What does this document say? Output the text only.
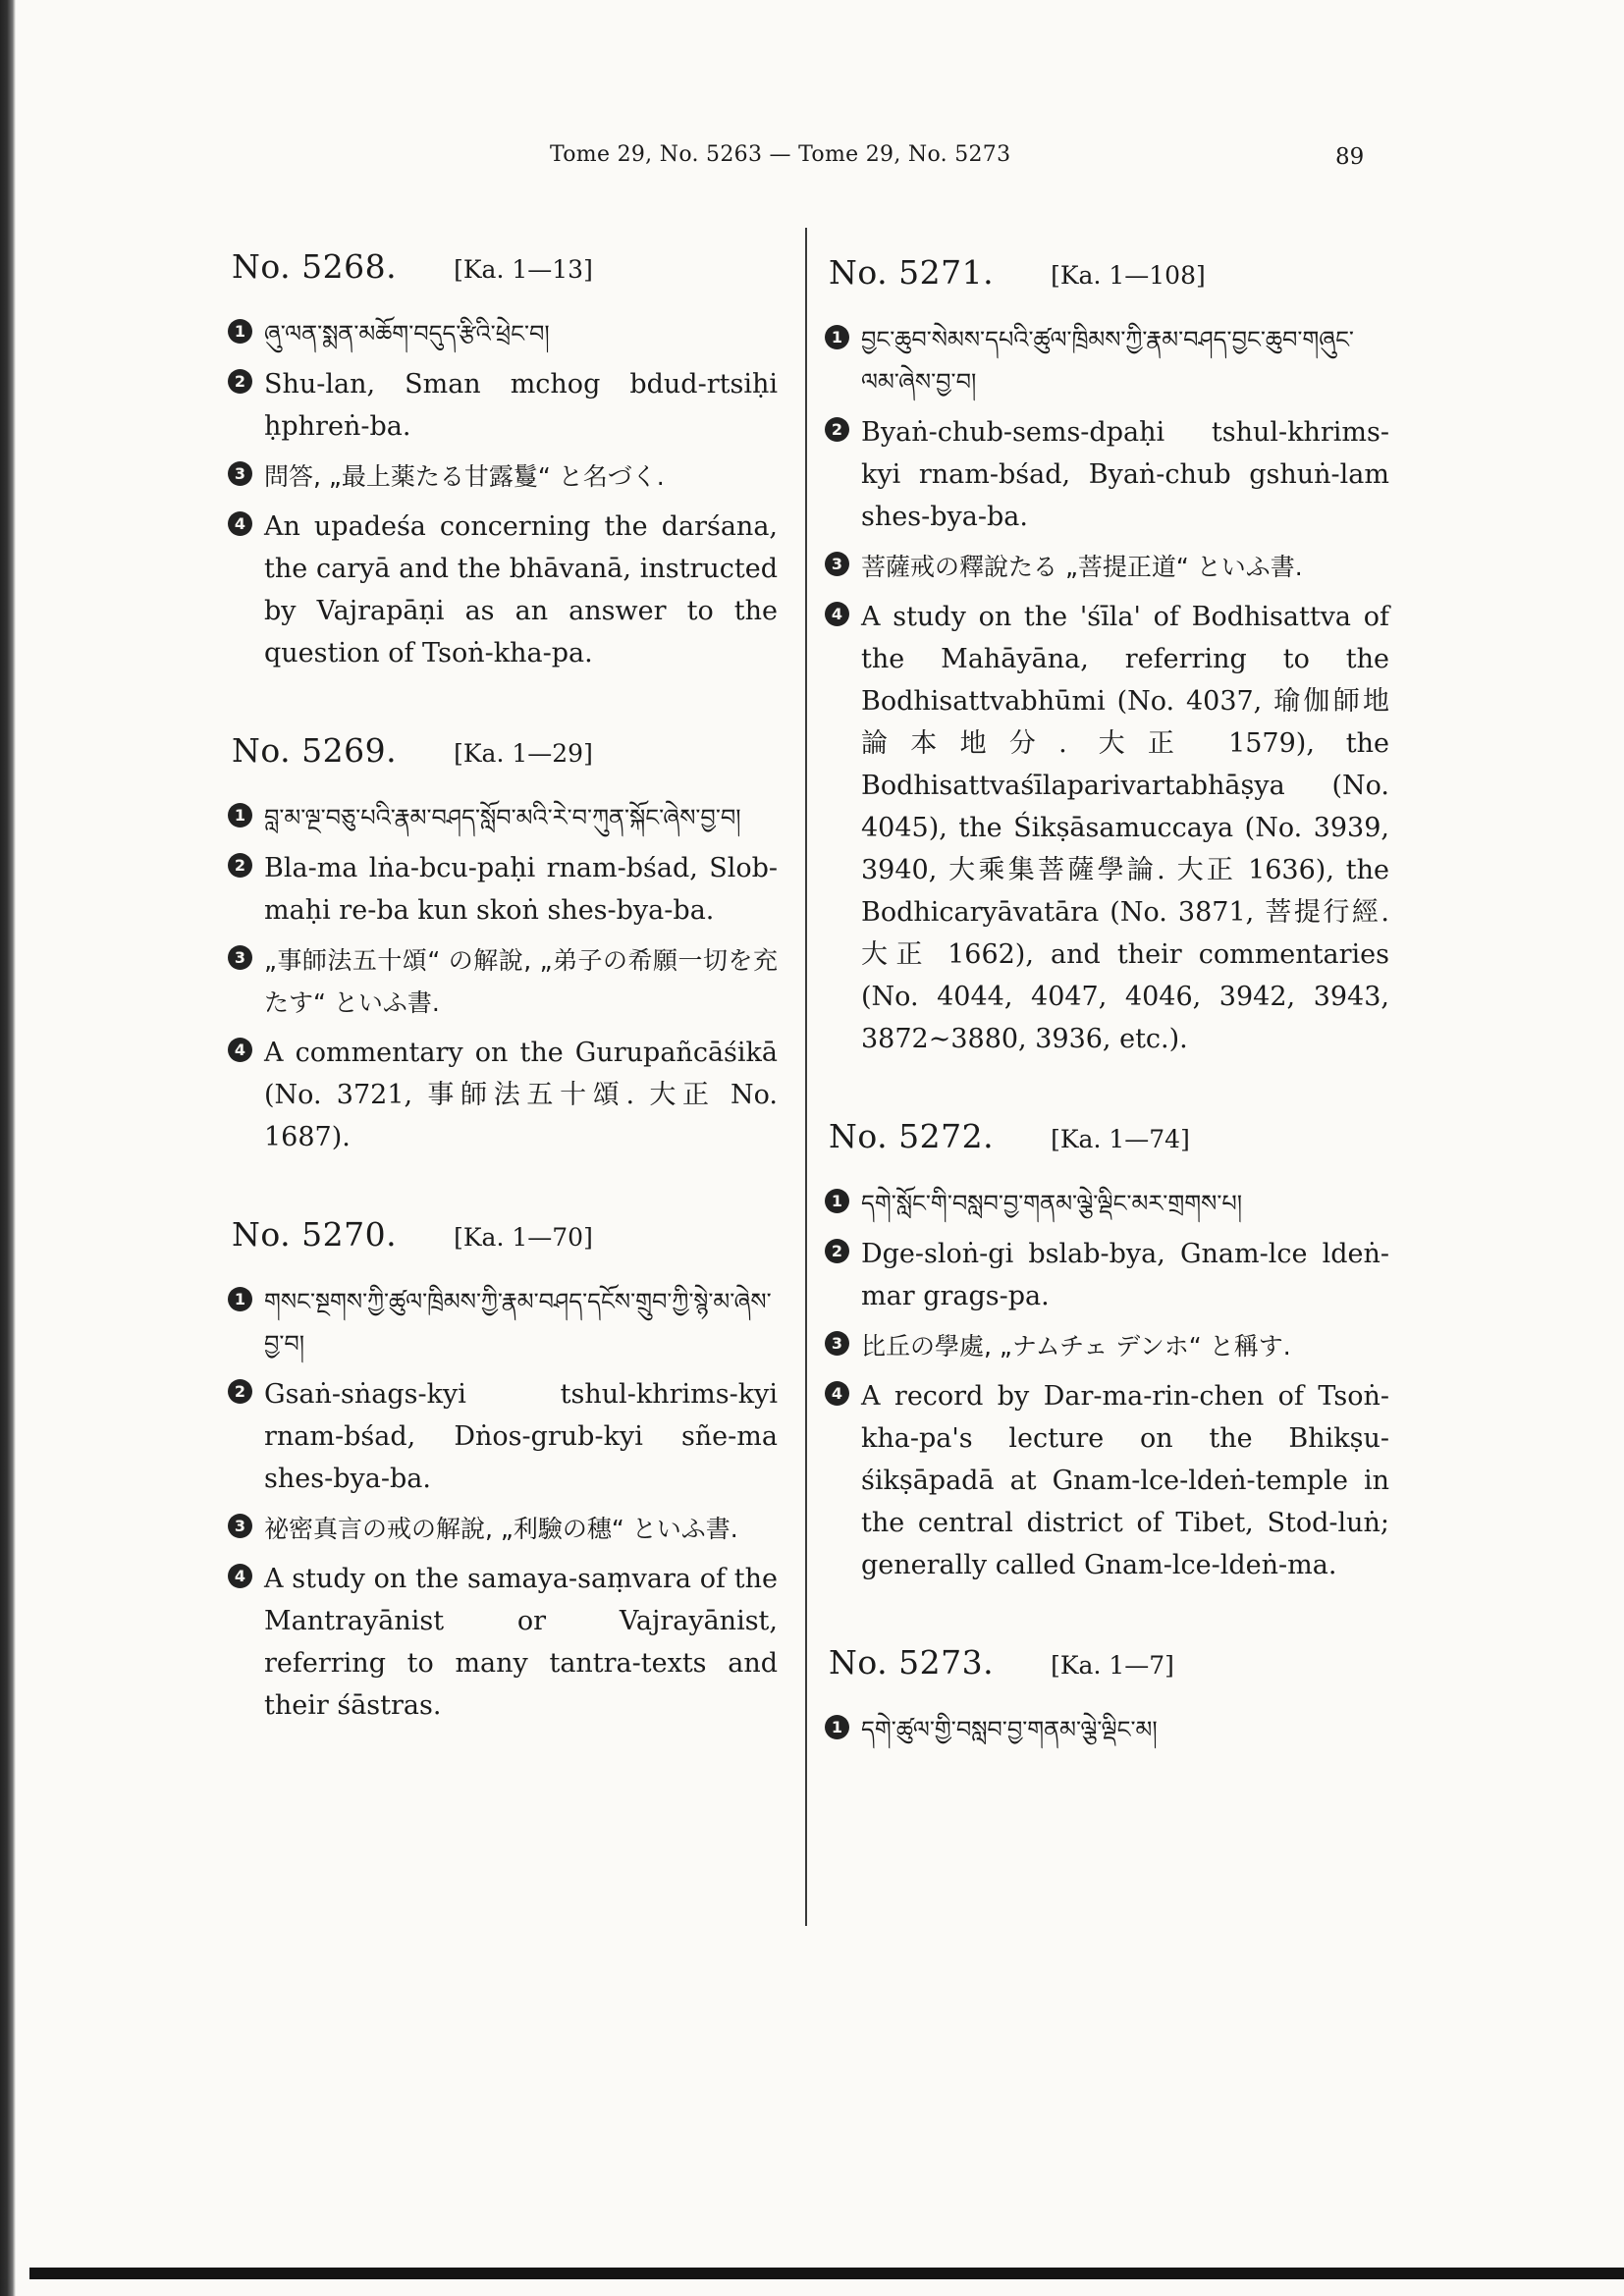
Tome 29, No. 5263 — Tome 29, No. 5273	89
No. 5268. [Ka. 1—13]
1 ཞུ་ལན་སྨན་མཆོག་བདུད་རྩིའི་ཕྲེང་བ།
2 Shu-lan, Sman mchog bdud-rtsiḥi ḥphreṅ-ba.
3 問答, „最上薬たる甘露鬘“ と名づく.
4 An upadeśa concerning the darśana, the caryā and the bhāvanā, instructed by Vajrapāṇi as an answer to the question of Tsoṅ-kha-pa.
No. 5269. [Ka. 1—29]
1 བླ་མ་ལྔ་བཅུ་པའི་རྣམ་བཤད་སློབ་མའི་རེ་བ་ཀུན་སྐོང་ཞེས་བྱ་བ།
2 Bla-ma lṅa-bcu-paḥi rnam-bśad, Slob-maḥi re-ba kun skoṅ shes-bya-ba.
3 „事師法五十頌“ の解說, „弟子の希願一切を充たす“ といふ書.
4 A commentary on the Gurupañcāśikā (No. 3721, 事師法五十頌. 大正 No. 1687).
No. 5270. [Ka. 1—70]
1 གསང་སྔགས་ཀྱི་ཚུལ་ཁྲིམས་ཀྱི་རྣམ་བཤད་དངོས་གྲུབ་ཀྱི་སྙེ་མ་ཞེས་བྱ་བ།
2 Gsaṅ-sṅags-kyi tshul-khrims-kyi rnam-bśad, Dṅos-grub-kyi sñe-ma shes-bya-ba.
3 祕密真言の戒の解說, „利驗の穗“ といふ書.
4 A study on the samaya-saṃvara of the Mantrayānist or Vajrayānist, referring to many tantra-texts and their śāstras.
No. 5271. [Ka. 1—108]
1 བྱང་ཆུབ་སེམས་དཔའི་ཚུལ་ཁྲིམས་ཀྱི་རྣམ་བཤད་བྱང་ཆུབ་གཞུང་ལམ་ཞེས་བྱ་བ།
2 Byaṅ-chub-sems-dpaḥi tshul-khrims-kyi rnam-bśad, Byaṅ-chub gshuṅ-lam shes-bya-ba.
3 菩薩戒の釋說たる „菩提正道“ といふ書.
4 A study on the 'śīla' of Bodhisattva of the Mahāyāna, referring to the Bodhisattvabhūmi (No. 4037, 瑜伽師地論本地分. 大正 1579), the Bodhisattvaśīlaparivartabhāṣya (No. 4045), the Śikṣāsamuccaya (No. 3939, 3940, 大乘集菩薩學論. 大正 1636), the Bodhicaryāvatāra (No. 3871, 菩提行經. 大正 1662), and their commentaries (No. 4044, 4047, 4046, 3942, 3943, 3872∼3880, 3936, etc.).
No. 5272. [Ka. 1—74]
1 དགེ་སློང་གི་བསླབ་བྱ་གནམ་ལྕེ་ལྡིང་མར་གྲགས་པ།
2 Dge-sloṅ-gi bslab-bya, Gnam-lce ldeṅ-mar grags-pa.
3 比丘の學處, „ナムチェ デンホ“ と稱す.
4 A record by Dar-ma-rin-chen of Tsoṅ-kha-pa's lecture on the Bhikṣu-śikṣāpadā at Gnam-lce-ldeṅ-temple in the central district of Tibet, Stod-luṅ; generally called Gnam-lce-ldeṅ-ma.
No. 5273. [Ka. 1—7]
1 དགེ་ཚུལ་གྱི་བསླབ་བྱ་གནམ་ལྕེ་ལྡིང་མ།
